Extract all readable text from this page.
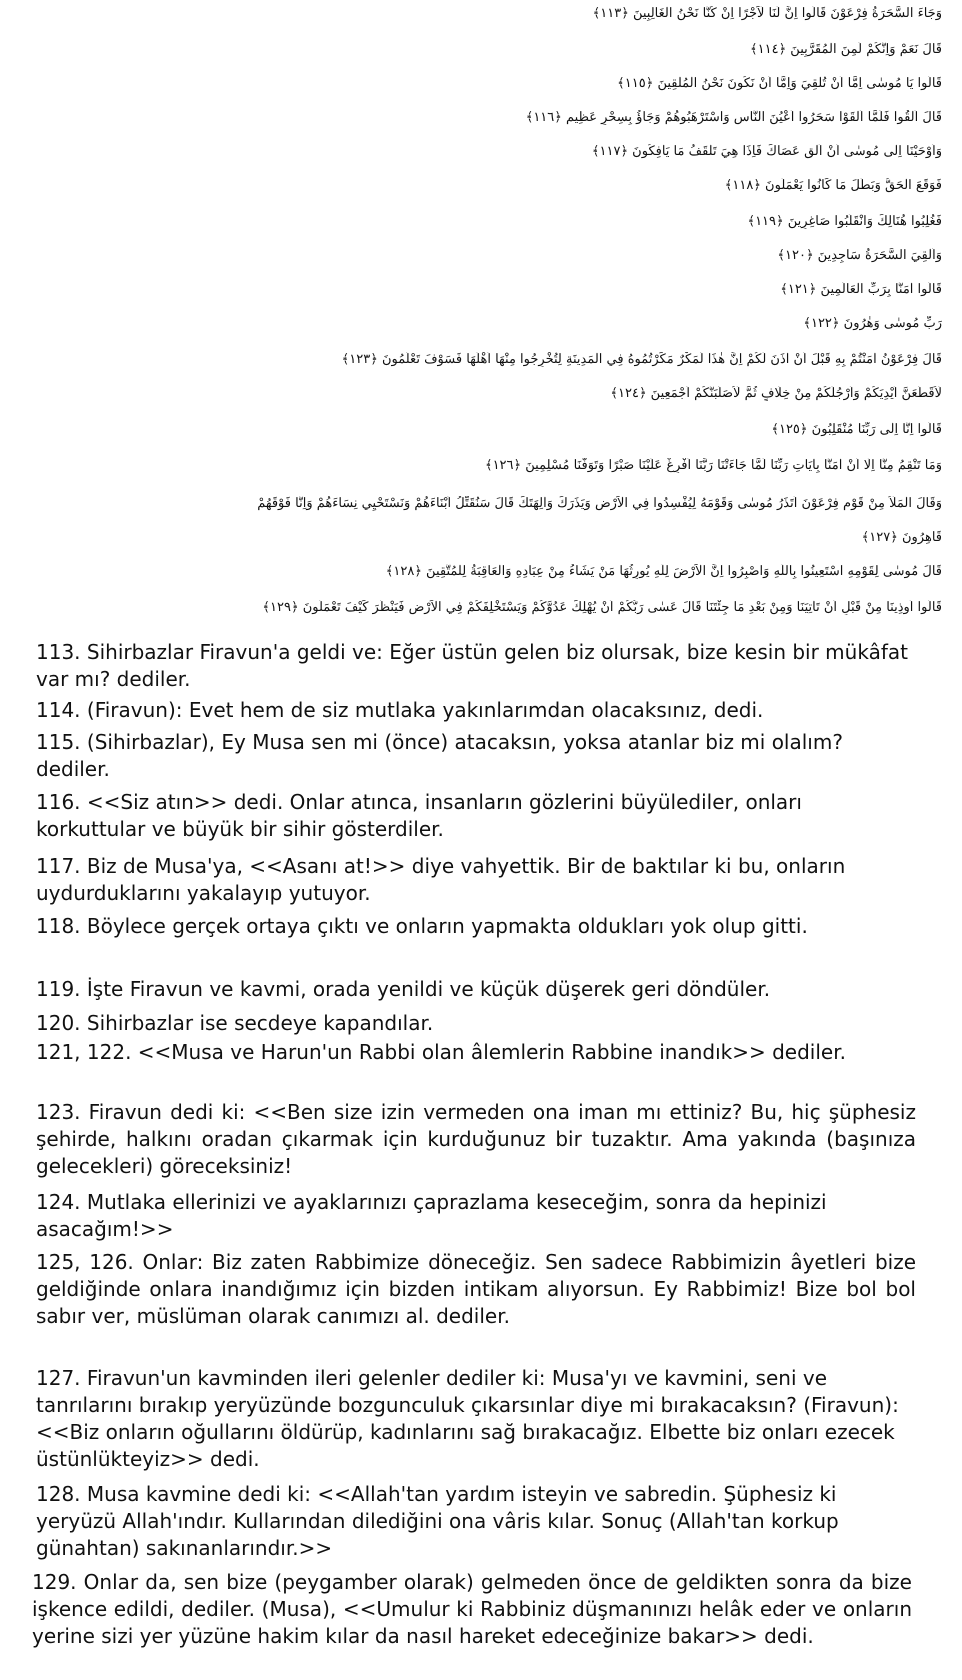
وَجَاءَ السَّحَرَةُ فِرْعَوْنَ قَالُوا اِنَّ لَنَا لَاَجْرًا اِنْ كُنَّا نَحْنُ الْغَالِبِينَ ﴿١١٣﴾
قَالَ نَعَمْ وَاِنَّكُمْ لَمِنَ الْمُقَرَّبِينَ ﴿١١٤﴾
قَالُوا يَا مُوسٰى اِمَّا اَنْ تُلْقِيَ وَاِمَّا اَنْ نَكُونَ نَحْنُ الْمُلْقِينَ ﴿١١٥﴾
قَالَ اَلْقُوا فَلَمَّا اَلْقَوْا سَحَرُوا اَعْيُنَ النَّاسِ وَاسْتَرْهَبُوهُمْ وَجَاؤُ بِسِحْرٍ عَظِيمٍ ﴿١١٦﴾
وَاَوْحَيْنَا اِلٰى مُوسٰى اَنْ اَلْقِ عَصَاكَ فَاِذَا هِيَ تَلْقَفُ مَا يَاْفِكُونَ ﴿١١٧﴾
فَوَقَعَ الْحَقُّ وَبَطَلَ مَا كَانُوا يَعْمَلُونَ ﴿١١٨﴾
فَغُلِبُوا هُنَالِكَ وَانْقَلَبُوا صَاغِرِينَ ﴿١١٩﴾
وَاُلْقِيَ السَّحَرَةُ سَاجِدِينَ ﴿١٢٠﴾
قَالُوا اٰمَنَّا بِرَبِّ الْعَالَمِينَ ﴿١٢١﴾
رَبِّ مُوسٰى وَهٰرُونَ ﴿١٢٢﴾
قَالَ فِرْعَوْنُ اٰمَنْتُمْ بِهِ قَبْلَ اَنْ اٰذَنَ لَكُمْ اِنَّ هٰذَا لَمَكْرٌ مَكَرْتُمُوهُ فِي الْمَدِينَةِ لِتُخْرِجُوا مِنْهَا اَهْلَهَا فَسَوْفَ تَعْلَمُونَ ﴿١٢٣﴾
لَاُقَطِّعَنَّ اَيْدِيَكُمْ وَاَرْجُلَكُمْ مِنْ خِلَافٍ ثُمَّ لَاُصَلِّبَنَّكُمْ اَجْمَعِينَ ﴿١٢٤﴾
قَالُوا اِنَّا اِلٰى رَبِّنَا مُنْقَلِبُونَ ﴿١٢٥﴾
وَمَا تَنْقِمُ مِنَّا اِلَّا اَنْ اٰمَنَّا بِاٰيَاتِ رَبِّنَا لَمَّا جَاءَتْنَا رَبَّنَا اَفْرِغْ عَلَيْنَا صَبْرًا وَتَوَفَّنَا مُسْلِمِينَ ﴿١٢٦﴾
وَقَالَ الْمَلَاُ مِنْ قَوْمِ فِرْعَوْنَ اَتَذَرُ مُوسٰى وَقَوْمَهُ لِيُفْسِدُوا فِي الْاَرْضِ وَيَذَرَكَ وَاٰلِهَتَكَ قَالَ سَنُقَتِّلُ اَبْنَاءَهُمْ وَنَسْتَحْيِي نِسَاءَهُمْ وَاِنَّا فَوْقَهُمْ
قَاهِرُونَ ﴿١٢٧﴾
قَالَ مُوسٰى لِقَوْمِهِ اسْتَعِينُوا بِاللّٰهِ وَاصْبِرُوا اِنَّ الْاَرْضَ لِلّٰهِ يُورِثُهَا مَنْ يَشَاءُ مِنْ عِبَادِهِ وَالْعَاقِبَةُ لِلْمُتَّقِينَ ﴿١٢٨﴾
قَالُوا اُوذِينَا مِنْ قَبْلِ اَنْ تَاْتِيَنَا وَمِنْ بَعْدِ مَا جِئْتَنَا قَالَ عَسٰى رَبُّكُمْ اَنْ يُهْلِكَ عَدُوَّكُمْ وَيَسْتَخْلِفَكُمْ فِي الْاَرْضِ فَيَنْظُرَ كَيْفَ تَعْمَلُونَ ﴿١٢٩﴾

113. Sihirbazlar Firavun'a geldi ve: Eğer üstün gelen biz olursak, bize kesin bir mükâfat var mı? dediler.

114. (Firavun): Evet hem de siz mutlaka yakınlarımdan olacaksınız, dedi.

115. (Sihirbazlar), Ey Musa sen mi (önce) atacaksın, yoksa atanlar biz mi olalım? dediler.

116. <<Siz atın>> dedi. Onlar atınca, insanların gözlerini büyülediler, onları korkuttular ve büyük bir sihir gösterdiler.

117. Biz de Musa'ya, <<Asanı at!>> diye vahyettik. Bir de baktılar ki bu, onların uydurduklarını yakalayıp yutuyor.

118. Böylece gerçek ortaya çıktı ve onların yapmakta oldukları yok olup gitti.

119. İşte Firavun ve kavmi, orada yenildi ve küçük düşerek geri döndüler.

120. Sihirbazlar ise secdeye kapandılar.

121, 122. <<Musa ve Harun'un Rabbi olan âlemlerin Rabbine inandık>> dediler.

123. Firavun dedi ki: <<Ben size izin vermeden ona iman mı ettiniz? Bu, hiç şüphesiz şehirde, halkını oradan çıkarmak için kurduğunuz bir tuzaktır. Ama yakında (başınıza gelecekleri) göreceksiniz!

124. Mutlaka ellerinizi ve ayaklarınızı çaprazlama keseceğim, sonra da hepinizi asacağım!>>

125, 126. Onlar: Biz zaten Rabbimize döneceğiz. Sen sadece Rabbimizin âyetleri bize geldiğinde onlara inandığımız için bizden intikam alıyorsun. Ey Rabbimiz! Bize bol bol sabır ver, müslüman olarak canımızı al. dediler.

127. Firavun'un kavminden ileri gelenler dediler ki: Musa'yı ve kavmini, seni ve tanrılarını bırakıp yeryüzünde bozgunculuk çıkarsınlar diye mi bırakacaksın? (Firavun): <<Biz onların oğullarını öldürüp, kadınlarını sağ bırakacağız. Elbette biz onları ezecek üstünlükteyiz>> dedi.

128. Musa kavmine dedi ki: <<Allah'tan yardım isteyin ve sabredin. Şüphesiz ki yeryüzü Allah'ındır. Kullarından dilediğini ona vâris kılar. Sonuç (Allah'tan korkup günahtan) sakınanlarındır.>>

129. Onlar da, sen bize (peygamber olarak) gelmeden önce de geldikten sonra da bize işkence edildi, dediler. (Musa), <<Umulur ki Rabbiniz düşmanınızı helâk eder ve onların yerine sizi yer yüzüne hakim kılar da nasıl hareket edeceğinize bakar>> dedi.
